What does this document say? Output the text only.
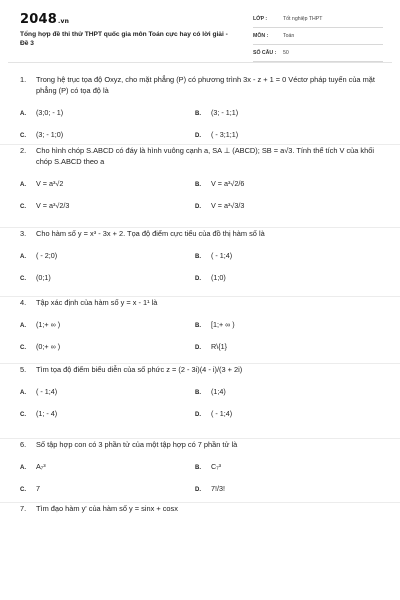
2048.vn
Tổng hợp đề thi thử THPT quốc gia môn Toán cực hay có lời giải - Đề 3
LỚP :	Tốt nghiệp THPT
MÔN :	Toán
SỐ CÂU : 50
1. Trong hệ trục tọa độ Oxyz, cho mặt phẳng (P) có phương trình 3x - z + 1 = 0 Véctơ pháp tuyến của mặt phẳng (P) có tọa độ là
A. (3;0; - 1)	B. (3; - 1;1)
C. (3; - 1;0)	D. ( - 3;1;1)
2. Cho hình chóp S.ABCD có đáy là hình vuông cạnh a, SA ⊥ (ABCD); SB = a√3. Tính thể tích V của khối chóp S.ABCD theo a
A. V = a³√2	B. V = a³√2/6
C. V = a³√2/3	D. V = a³√3/3
3. Cho hàm số y = x³ - 3x + 2. Tọa độ điểm cực tiểu của đồ thị hàm số là
A. ( - 2;0)	B. ( - 1;4)
C. (0;1)	D. (1;0)
4. Tập xác định của hàm số y = x - 1¹ là
A. (1;+ ∞ )	B. [1;+ ∞ )
C. (0;+ ∞ )	D. R\{1}
5. Tìm tọa độ điểm biểu diễn của số phức z = (2 - 3i)(4 - i)/(3 + 2i)
A. ( - 1;4)	B. (1;4)
C. (1; - 4)	D. ( - 1;4)
6. Số tập hợp con có 3 phần tử của một tập hợp có 7 phần tử là
A. A₇³	B. C₇³
C. 7	D. 7!/3!
7. Tìm đạo hàm y' của hàm số y = sinx + cosx
